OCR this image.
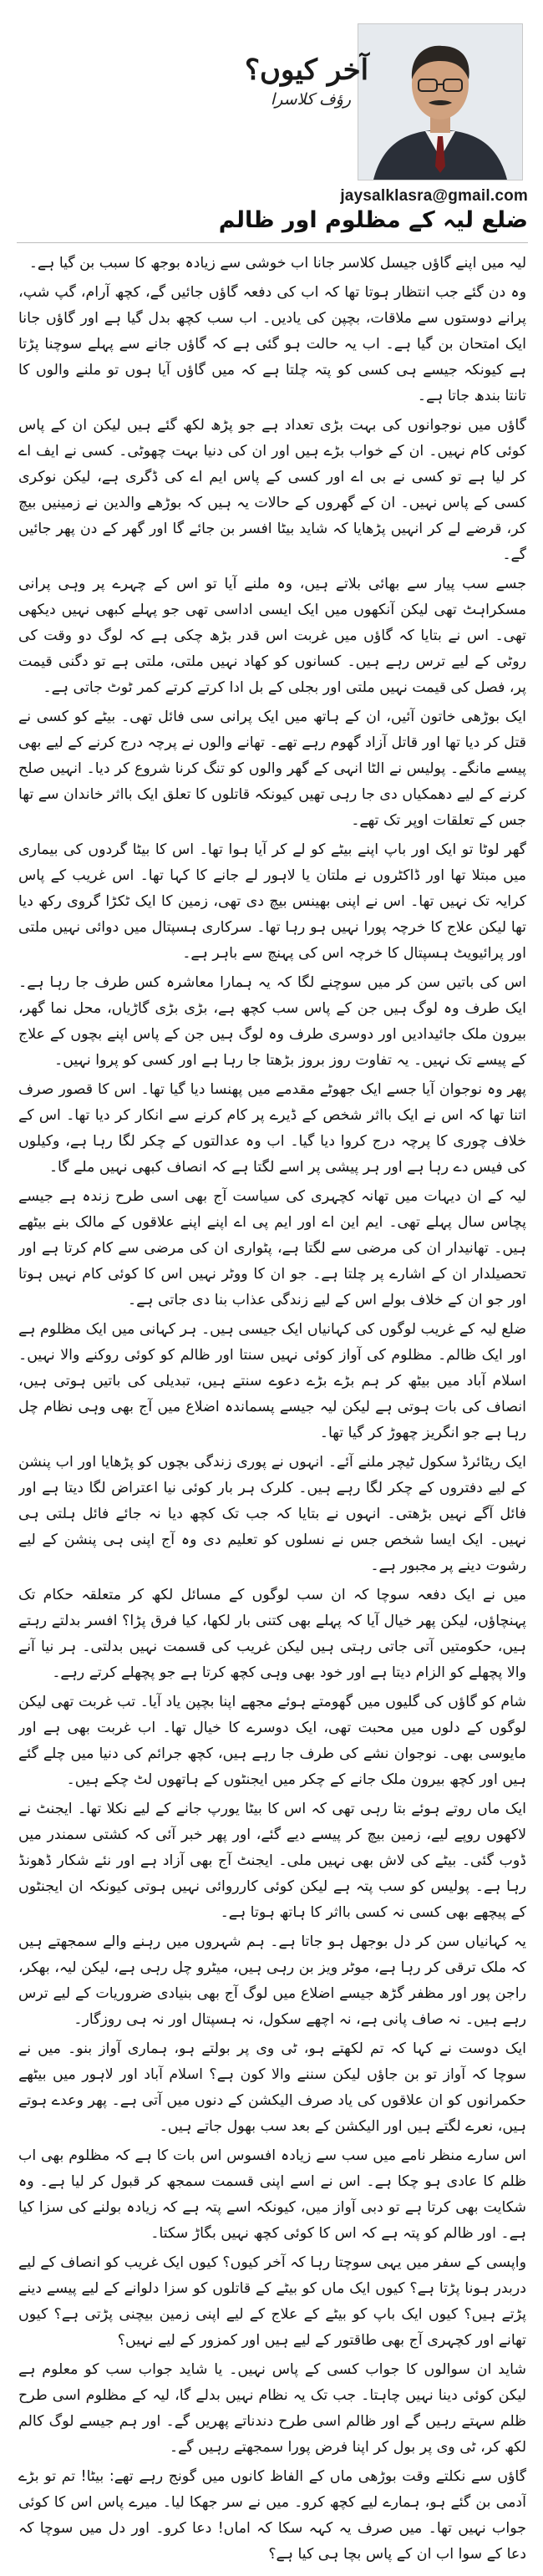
آخر کیوں؟
رؤف کلاسرا
jaysalklasra@gmail.com
ضلع لیہ کے مظلوم اور ظالم

لیہ میں اپنے گاؤں جیسل کلاسر جانا اب خوشی سے زیادہ بوجھ کا سبب بن گیا ہے۔

وہ دن گئے جب انتظار ہوتا تھا کہ اب کی دفعہ گاؤں جائیں گے، کچھ آرام، گپ شپ، پرانے دوستوں سے ملاقات، بچپن کی یادیں۔ اب سب کچھ بدل گیا ہے اور گاؤں جانا ایک امتحان بن گیا ہے۔ اب یہ حالت ہو گئی ہے کہ گاؤں جانے سے پہلے سوچنا پڑتا ہے کیونکہ جیسے ہی کسی کو پتہ چلتا ہے کہ میں گاؤں آیا ہوں تو ملنے والوں کا تانتا بندھ جاتا ہے۔

گاؤں میں نوجوانوں کی بہت بڑی تعداد ہے جو پڑھ لکھ گئے ہیں لیکن ان کے پاس کوئی کام نہیں۔ ان کے خواب بڑے ہیں اور ان کی دنیا بہت چھوٹی۔ کسی نے ایف اے کر لیا ہے تو کسی نے بی اے اور کسی کے پاس ایم اے کی ڈگری ہے، لیکن نوکری کسی کے پاس نہیں۔ ان کے گھروں کے حالات یہ ہیں کہ بوڑھے والدین نے زمینیں بیچ کر، قرضے لے کر انہیں پڑھایا کہ شاید بیٹا افسر بن جائے گا اور گھر کے دن پھر جائیں گے۔

جسے سب پیار سے بھائی بلاتے ہیں، وہ ملنے آیا تو اس کے چہرے پر وہی پرانی مسکراہٹ تھی لیکن آنکھوں میں ایک ایسی اداسی تھی جو پہلے کبھی نہیں دیکھی تھی۔ اس نے بتایا کہ گاؤں میں غربت اس قدر بڑھ چکی ہے کہ لوگ دو وقت کی روٹی کے لیے ترس رہے ہیں۔ کسانوں کو کھاد نہیں ملتی، ملتی ہے تو دگنی قیمت پر، فصل کی قیمت نہیں ملتی اور بجلی کے بل ادا کرتے کرتے کمر ٹوٹ جاتی ہے۔

ایک بوڑھی خاتون آئیں، ان کے ہاتھ میں ایک پرانی سی فائل تھی۔ بیٹے کو کسی نے قتل کر دیا تھا اور قاتل آزاد گھوم رہے تھے۔ تھانے والوں نے پرچہ درج کرنے کے لیے بھی پیسے مانگے۔ پولیس نے الٹا انہی کے گھر والوں کو تنگ کرنا شروع کر دیا۔ انہیں صلح کرنے کے لیے دھمکیاں دی جا رہی تھیں کیونکہ قاتلوں کا تعلق ایک بااثر خاندان سے تھا جس کے تعلقات اوپر تک تھے۔

گھر لوٹا تو ایک اور باپ اپنے بیٹے کو لے کر آیا ہوا تھا۔ اس کا بیٹا گردوں کی بیماری میں مبتلا تھا اور ڈاکٹروں نے ملتان یا لاہور لے جانے کا کہا تھا۔ اس غریب کے پاس کرایہ تک نہیں تھا۔ اس نے اپنی بھینس بیچ دی تھی، زمین کا ایک ٹکڑا گروی رکھ دیا تھا لیکن علاج کا خرچہ پورا نہیں ہو رہا تھا۔ سرکاری ہسپتال میں دوائی نہیں ملتی اور پرائیویٹ ہسپتال کا خرچہ اس کی پہنچ سے باہر ہے۔

اس کی باتیں سن کر میں سوچنے لگا کہ یہ ہمارا معاشرہ کس طرف جا رہا ہے۔ ایک طرف وہ لوگ ہیں جن کے پاس سب کچھ ہے، بڑی بڑی گاڑیاں، محل نما گھر، بیرون ملک جائیدادیں اور دوسری طرف وہ لوگ ہیں جن کے پاس اپنے بچوں کے علاج کے پیسے تک نہیں۔ یہ تفاوت روز بروز بڑھتا جا رہا ہے اور کسی کو پروا نہیں۔

پھر وہ نوجوان آیا جسے ایک جھوٹے مقدمے میں پھنسا دیا گیا تھا۔ اس کا قصور صرف اتنا تھا کہ اس نے ایک بااثر شخص کے ڈیرے پر کام کرنے سے انکار کر دیا تھا۔ اس کے خلاف چوری کا پرچہ درج کروا دیا گیا۔ اب وہ عدالتوں کے چکر لگا رہا ہے، وکیلوں کی فیس دے رہا ہے اور ہر پیشی پر اسے لگتا ہے کہ انصاف کبھی نہیں ملے گا۔

لیہ کے ان دیہات میں تھانہ کچہری کی سیاست آج بھی اسی طرح زندہ ہے جیسے پچاس سال پہلے تھی۔ ایم این اے اور ایم پی اے اپنے اپنے علاقوں کے مالک بنے بیٹھے ہیں۔ تھانیدار ان کی مرضی سے لگتا ہے، پٹواری ان کی مرضی سے کام کرتا ہے اور تحصیلدار ان کے اشارے پر چلتا ہے۔ جو ان کا ووٹر نہیں اس کا کوئی کام نہیں ہوتا اور جو ان کے خلاف بولے اس کے لیے زندگی عذاب بنا دی جاتی ہے۔

ضلع لیہ کے غریب لوگوں کی کہانیاں ایک جیسی ہیں۔ ہر کہانی میں ایک مظلوم ہے اور ایک ظالم۔ مظلوم کی آواز کوئی نہیں سنتا اور ظالم کو کوئی روکنے والا نہیں۔ اسلام آباد میں بیٹھ کر ہم بڑے بڑے دعوے سنتے ہیں، تبدیلی کی باتیں ہوتی ہیں، انصاف کی بات ہوتی ہے لیکن لیہ جیسے پسماندہ اضلاع میں آج بھی وہی نظام چل رہا ہے جو انگریز چھوڑ کر گیا تھا۔

ایک ریٹائرڈ سکول ٹیچر ملنے آئے۔ انہوں نے پوری زندگی بچوں کو پڑھایا اور اب پنشن کے لیے دفتروں کے چکر لگا رہے ہیں۔ کلرک ہر بار کوئی نیا اعتراض لگا دیتا ہے اور فائل آگے نہیں بڑھتی۔ انہوں نے بتایا کہ جب تک کچھ دیا نہ جائے فائل ہلتی ہی نہیں۔ ایک ایسا شخص جس نے نسلوں کو تعلیم دی وہ آج اپنی ہی پنشن کے لیے رشوت دینے پر مجبور ہے۔

میں نے ایک دفعہ سوچا کہ ان سب لوگوں کے مسائل لکھ کر متعلقہ حکام تک پہنچاؤں، لیکن پھر خیال آیا کہ پہلے بھی کتنی بار لکھا، کیا فرق پڑا؟ افسر بدلتے رہتے ہیں، حکومتیں آتی جاتی رہتی ہیں لیکن غریب کی قسمت نہیں بدلتی۔ ہر نیا آنے والا پچھلے کو الزام دیتا ہے اور خود بھی وہی کچھ کرتا ہے جو پچھلے کرتے رہے۔

شام کو گاؤں کی گلیوں میں گھومتے ہوئے مجھے اپنا بچپن یاد آیا۔ تب غربت تھی لیکن لوگوں کے دلوں میں محبت تھی، ایک دوسرے کا خیال تھا۔ اب غربت بھی ہے اور مایوسی بھی۔ نوجوان نشے کی طرف جا رہے ہیں، کچھ جرائم کی دنیا میں چلے گئے ہیں اور کچھ بیرون ملک جانے کے چکر میں ایجنٹوں کے ہاتھوں لٹ چکے ہیں۔

ایک ماں روتے ہوئے بتا رہی تھی کہ اس کا بیٹا یورپ جانے کے لیے نکلا تھا۔ ایجنٹ نے لاکھوں روپے لیے، زمین بیچ کر پیسے دیے گئے، اور پھر خبر آئی کہ کشتی سمندر میں ڈوب گئی۔ بیٹے کی لاش بھی نہیں ملی۔ ایجنٹ آج بھی آزاد ہے اور نئے شکار ڈھونڈ رہا ہے۔ پولیس کو سب پتہ ہے لیکن کوئی کارروائی نہیں ہوتی کیونکہ ان ایجنٹوں کے پیچھے بھی کسی نہ کسی بااثر کا ہاتھ ہوتا ہے۔

یہ کہانیاں سن کر دل بوجھل ہو جاتا ہے۔ ہم شہروں میں رہنے والے سمجھتے ہیں کہ ملک ترقی کر رہا ہے، موٹر ویز بن رہی ہیں، میٹرو چل رہی ہے، لیکن لیہ، بھکر، راجن پور اور مظفر گڑھ جیسے اضلاع میں لوگ آج بھی بنیادی ضروریات کے لیے ترس رہے ہیں۔ نہ صاف پانی ہے، نہ اچھے سکول، نہ ہسپتال اور نہ ہی روزگار۔

ایک دوست نے کہا کہ تم لکھتے ہو، ٹی وی پر بولتے ہو، ہماری آواز بنو۔ میں نے سوچا کہ آواز تو بن جاؤں لیکن سننے والا کون ہے؟ اسلام آباد اور لاہور میں بیٹھے حکمرانوں کو ان علاقوں کی یاد صرف الیکشن کے دنوں میں آتی ہے۔ پھر وعدے ہوتے ہیں، نعرے لگتے ہیں اور الیکشن کے بعد سب بھول جاتے ہیں۔

اس سارے منظر نامے میں سب سے زیادہ افسوس اس بات کا ہے کہ مظلوم بھی اب ظلم کا عادی ہو چکا ہے۔ اس نے اسے اپنی قسمت سمجھ کر قبول کر لیا ہے۔ وہ شکایت بھی کرتا ہے تو دبی آواز میں، کیونکہ اسے پتہ ہے کہ زیادہ بولنے کی سزا کیا ہے۔ اور ظالم کو پتہ ہے کہ اس کا کوئی کچھ نہیں بگاڑ سکتا۔

واپسی کے سفر میں یہی سوچتا رہا کہ آخر کیوں؟ کیوں ایک غریب کو انصاف کے لیے دربدر ہونا پڑتا ہے؟ کیوں ایک ماں کو بیٹے کے قاتلوں کو سزا دلوانے کے لیے پیسے دینے پڑتے ہیں؟ کیوں ایک باپ کو بیٹے کے علاج کے لیے اپنی زمین بیچنی پڑتی ہے؟ کیوں تھانے اور کچہری آج بھی طاقتور کے لیے ہیں اور کمزور کے لیے نہیں؟

شاید ان سوالوں کا جواب کسی کے پاس نہیں۔ یا شاید جواب سب کو معلوم ہے لیکن کوئی دینا نہیں چاہتا۔ جب تک یہ نظام نہیں بدلے گا، لیہ کے مظلوم اسی طرح ظلم سہتے رہیں گے اور ظالم اسی طرح دندناتے پھریں گے۔ اور ہم جیسے لوگ کالم لکھ کر، ٹی وی پر بول کر اپنا فرض پورا سمجھتے رہیں گے۔

گاؤں سے نکلتے وقت بوڑھی ماں کے الفاظ کانوں میں گونج رہے تھے: بیٹا! تم تو بڑے آدمی بن گئے ہو، ہمارے لیے کچھ کرو۔ میں نے سر جھکا لیا۔ میرے پاس اس کا کوئی جواب نہیں تھا۔ میں صرف یہ کہہ سکا کہ اماں! دعا کرو۔ اور دل میں سوچا کہ دعا کے سوا اب ان کے پاس بچا ہی کیا ہے؟
